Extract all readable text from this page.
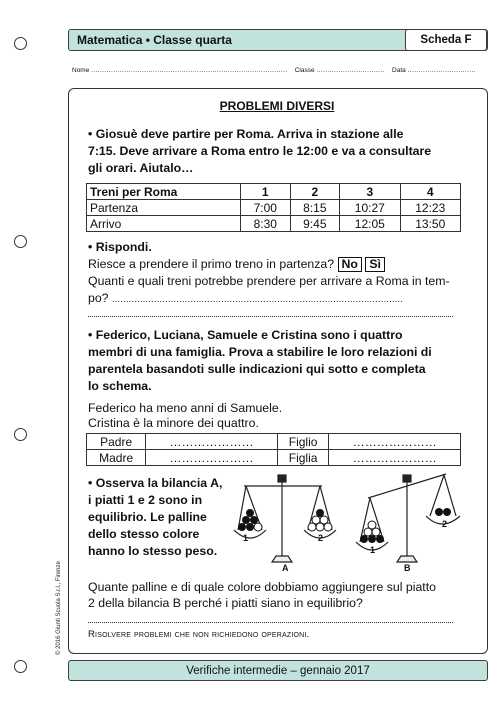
Matematica • Classe quarta	Scheda F
Nome ......................................................................................... Classe ............................... Data ...............................
PROBLEMI DIVERSI
• Giosuè deve partire per Roma. Arriva in stazione alle
7:15. Deve arrivare a Roma entro le 12:00 e va a consultare
gli orari. Aiutalo…
Treni per Roma	1	2	3	4
Partenza	7:00	8:15	10:27	12:23
Arrivo	8:30	9:45	12:05	13:50
• Rispondi.
Riesce a prendere il primo treno in partenza? No Sì
Quanti e quali treni potrebbe prendere per arrivare a Roma in tem-
po? ........................................................................................................
• Federico, Luciana, Samuele e Cristina sono i quattro
membri di una famiglia. Prova a stabilire le loro relazioni di
parentela basandoti sulle indicazioni qui sotto e completa
lo schema.
Federico ha meno anni di Samuele.
Cristina è la minore dei quattro.
Padre	…………………	Figlio	…………………
Madre	…………………	Figlia	…………………
• Osserva la bilancia A,
i piatti 1 e 2 sono in
equilibrio. Le palline
dello stesso colore
hanno lo stesso peso.
1	2
A
1
2
B
Quante palline e di quale colore dobbiamo aggiungere sul piatto
2 della bilancia B perché i piatti siano in equilibrio?
Risolvere problemi che non richiedono operazioni.
Verifiche intermedie – gennaio 2017
© 2016 Giunti Scuola S.r.l., Firenze
